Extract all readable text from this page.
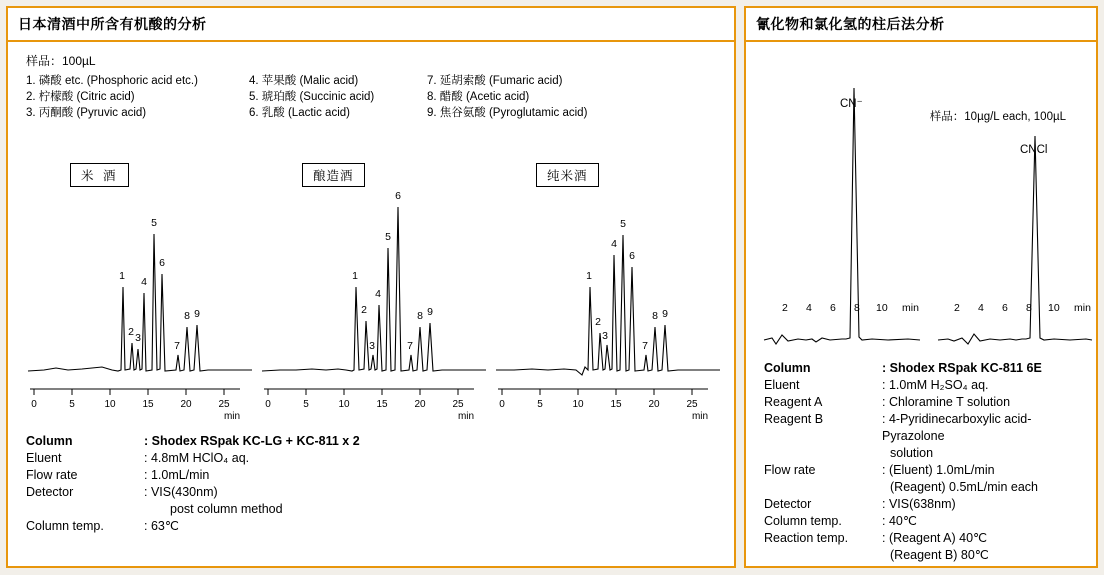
日本清酒中所含有机酸的分析
样品：100µL
1. 磷酸 etc. (Phosphoric acid etc.)
2. 柠檬酸 (Citric acid)
3. 丙酮酸 (Pyruvic acid)
4. 苹果酸 (Malic acid)
5. 琥珀酸 (Succinic acid)
6. 乳酸 (Lactic acid)
7. 延胡索酸 (Fumaric acid)
8. 醋酸 (Acetic acid)
9. 焦谷氨酸 (Pyroglutamic acid)
米 酒
0	5	10	15	20	25
min
1
2 3
4
5
6
7
8 9
酿造酒
0	5	10	15	20	25
min
1
2
3
4
5
6
7
8 9
纯米酒
0	5	10	15	20	25
min
1
2
3
4
5
6
7
8 9
Column	: Shodex RSpak KC-LG + KC-811 x 2
Eluent	: 4.8mM HClO₄ aq.
Flow rate	: 1.0mL/min
Detector	: VIS(430nm)
post column method
Column temp.	: 63℃
氰化物和氯化氢的柱后法分析
样品：10µg/L each, 100µL
2 4 6 8 10 min	2 4 6 8 10 min
CN⁻
CNCl
Column	: Shodex RSpak KC-811 6E
Eluent	: 1.0mM H₂SO₄ aq.
Reagent A	: Chloramine T solution
Reagent B	: 4-Pyridinecarboxylic acid-Pyrazolone
solution
Flow rate	: (Eluent) 1.0mL/min
(Reagent) 0.5mL/min each
Detector	: VIS(638nm)
Column temp.	: 40℃
Reaction temp.	: (Reagent A) 40℃
(Reagent B) 80℃
